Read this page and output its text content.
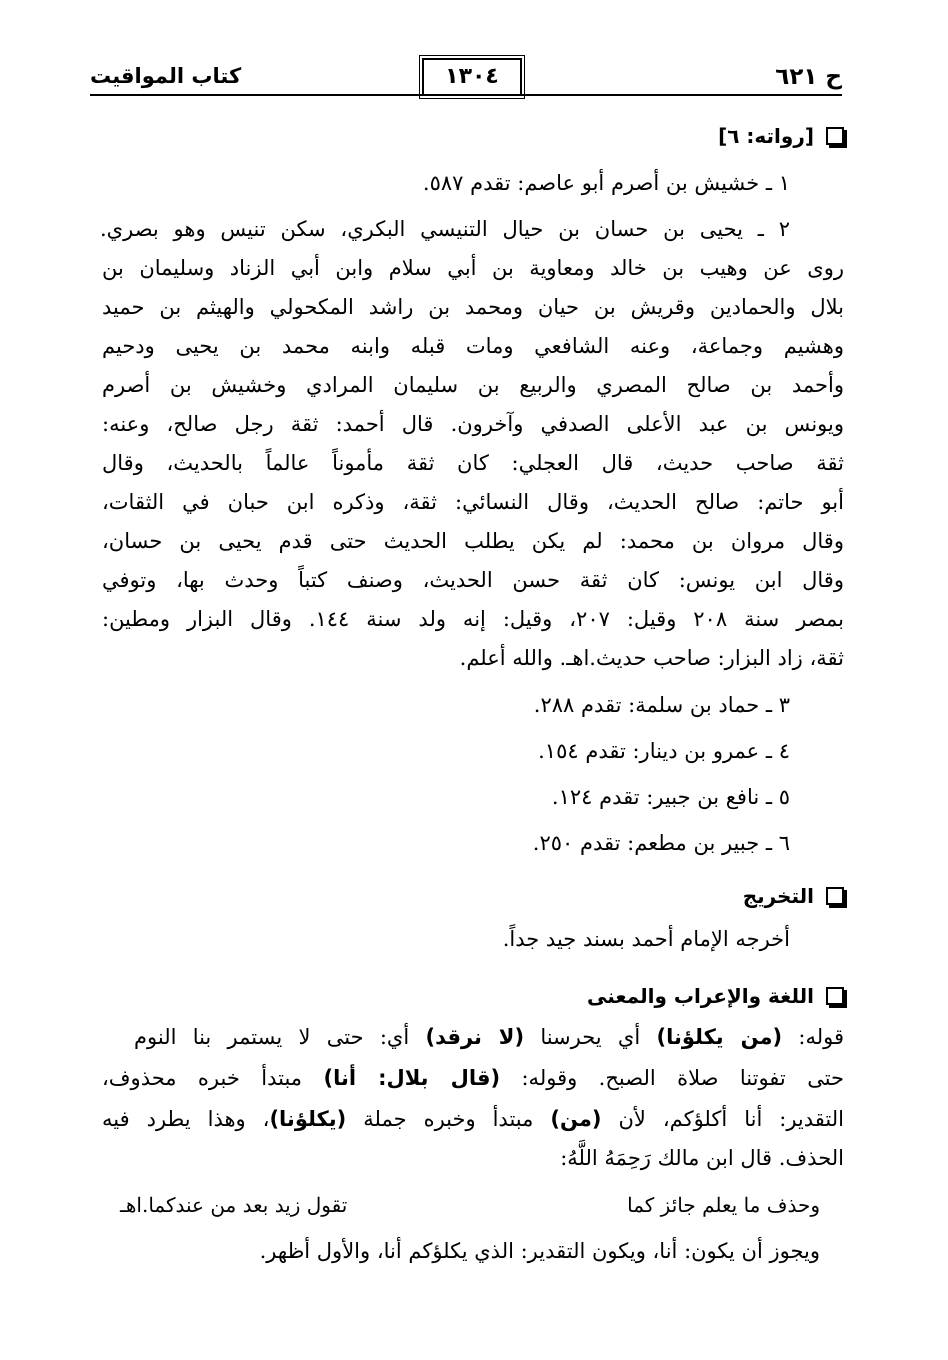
ح ٦٢١
١٣٠٤
كتاب المواقيت
[رواته: ٦]
١ ـ خشيش بن أصرم أبو عاصم: تقدم ٥٨٧.
٢ ـ يحيى بن حسان بن حيال التنيسي البكري، سكن تنيس وهو بصري.
روى عن وهيب بن خالد ومعاوية بن أبي سلام وابن أبي الزناد وسليمان بن
بلال والحمادين وقريش بن حيان ومحمد بن راشد المكحولي والهيثم بن حميد
وهشيم وجماعة، وعنه الشافعي ومات قبله وابنه محمد بن يحيى ودحيم
وأحمد بن صالح المصري والربيع بن سليمان المرادي وخشيش بن أصرم
ويونس بن عبد الأعلى الصدفي وآخرون. قال أحمد: ثقة رجل صالح، وعنه:
ثقة صاحب حديث، قال العجلي: كان ثقة مأموناً عالماً بالحديث، وقال
أبو حاتم: صالح الحديث، وقال النسائي: ثقة، وذكره ابن حبان في الثقات،
وقال مروان بن محمد: لم يكن يطلب الحديث حتى قدم يحيى بن حسان،
وقال ابن يونس: كان ثقة حسن الحديث، وصنف كتباً وحدث بها، وتوفي
بمصر سنة ٢٠٨ وقيل: ٢٠٧، وقيل: إنه ولد سنة ١٤٤. وقال البزار ومطين:
ثقة، زاد البزار: صاحب حديث.اهـ. والله أعلم.
٣ ـ حماد بن سلمة: تقدم ٢٨٨.
٤ ـ عمرو بن دينار: تقدم ١٥٤.
٥ ـ نافع بن جبير: تقدم ١٢٤.
٦ ـ جبير بن مطعم: تقدم ٢٥٠.
التخريج
أخرجه الإمام أحمد بسند جيد جداً.
اللغة والإعراب والمعنى
قوله: (من يكلؤنا) أي يحرسنا (لا نرقد) أي: حتى لا يستمر بنا النوم
حتى تفوتنا صلاة الصبح. وقوله: (قال بلال: أنا) مبتدأ خبره محذوف،
التقدير: أنا أكلؤكم، لأن (من) مبتدأ وخبره جملة (يكلؤنا)، وهذا يطرد فيه
الحذف. قال ابن مالك رَحِمَهُ اللَّهُ:
وحذف ما يعلم جائز كما
تقول زيد بعد من عندكما.اهـ
ويجوز أن يكون: أنا، ويكون التقدير: الذي يكلؤكم أنا، والأول أظهر.
